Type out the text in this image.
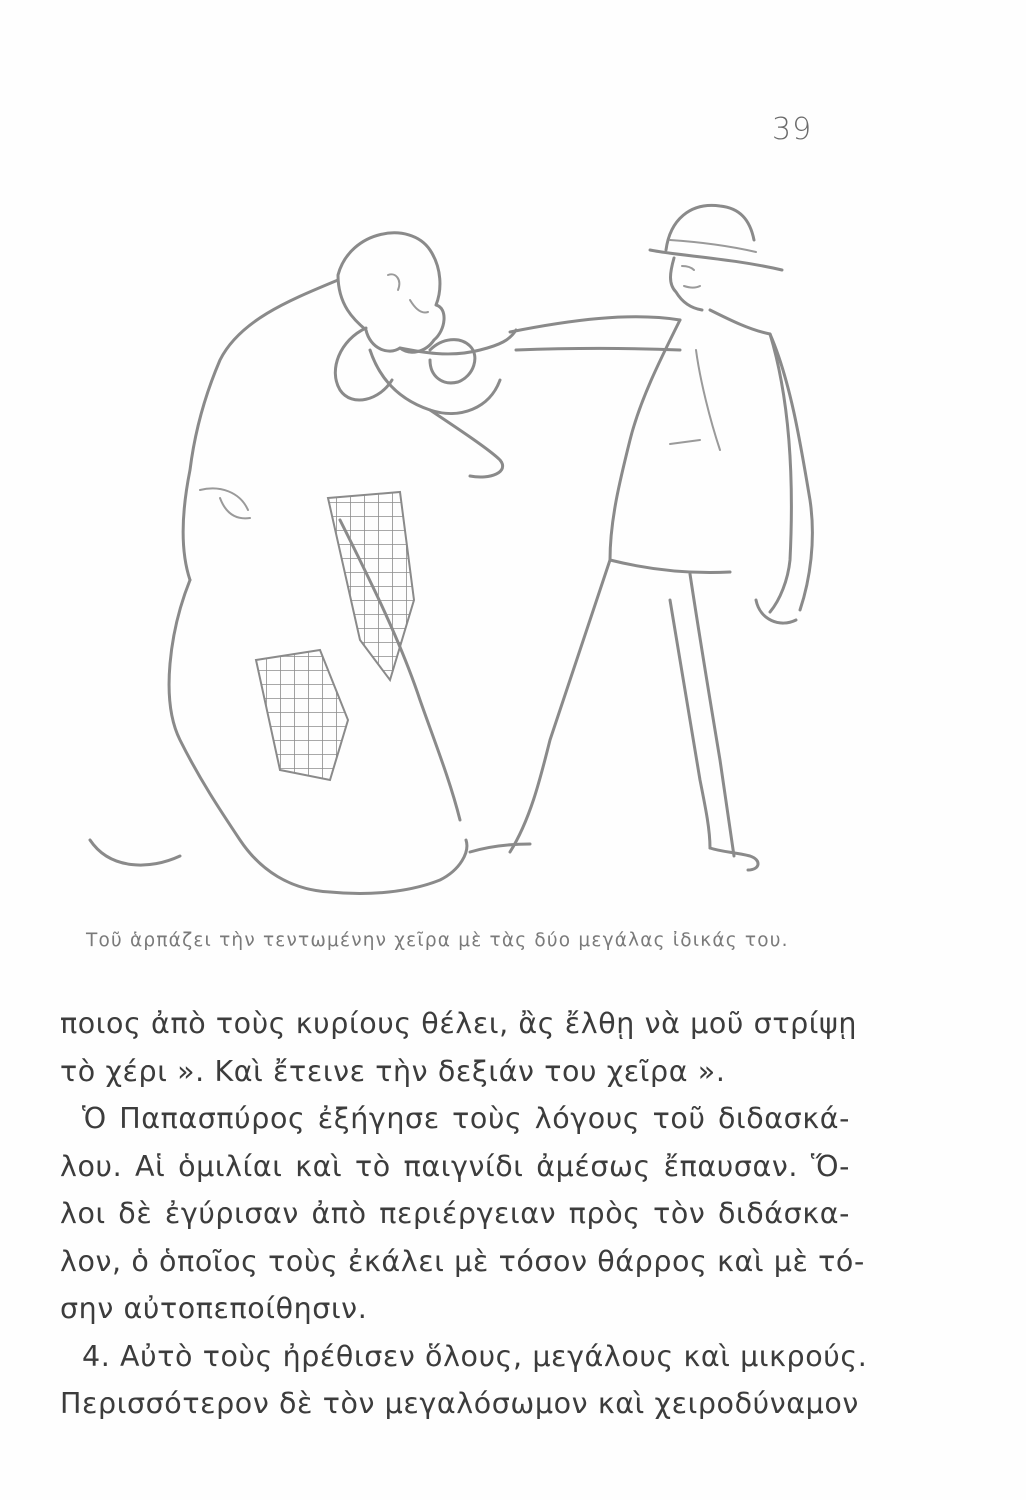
39
Τοῦ ἁρπάζει τὴν τεντωμένην χεῖρα μὲ τὰς δύο μεγάλας ἰδικάς του.
ποιος ἀπὸ τοὺς κυρίους θέλει, ἂς ἔλθῃ νὰ μοῦ στρίψῃ
τὸ χέρι ». Καὶ ἔτεινε τὴν δεξιάν του χεῖρα ».
Ὁ Παπασπύρος ἐξήγησε τοὺς λόγους τοῦ διδασκά-
λου. Αἱ ὁμιλίαι καὶ τὸ παιγνίδι ἀμέσως ἔπαυσαν. Ὅ-
λοι δὲ ἐγύρισαν ἀπὸ περιέργειαν πρὸς τὸν διδάσκα-
λον, ὁ ὁποῖος τοὺς ἐκάλει μὲ τόσον θάρρος καὶ μὲ τό-
σην αὐτοπεποίθησιν.
4. Αὐτὸ τοὺς ἠρέθισεν ὅλους, μεγάλους καὶ μικρούς.
Περισσότερον δὲ τὸν μεγαλόσωμον καὶ χειροδύναμον
